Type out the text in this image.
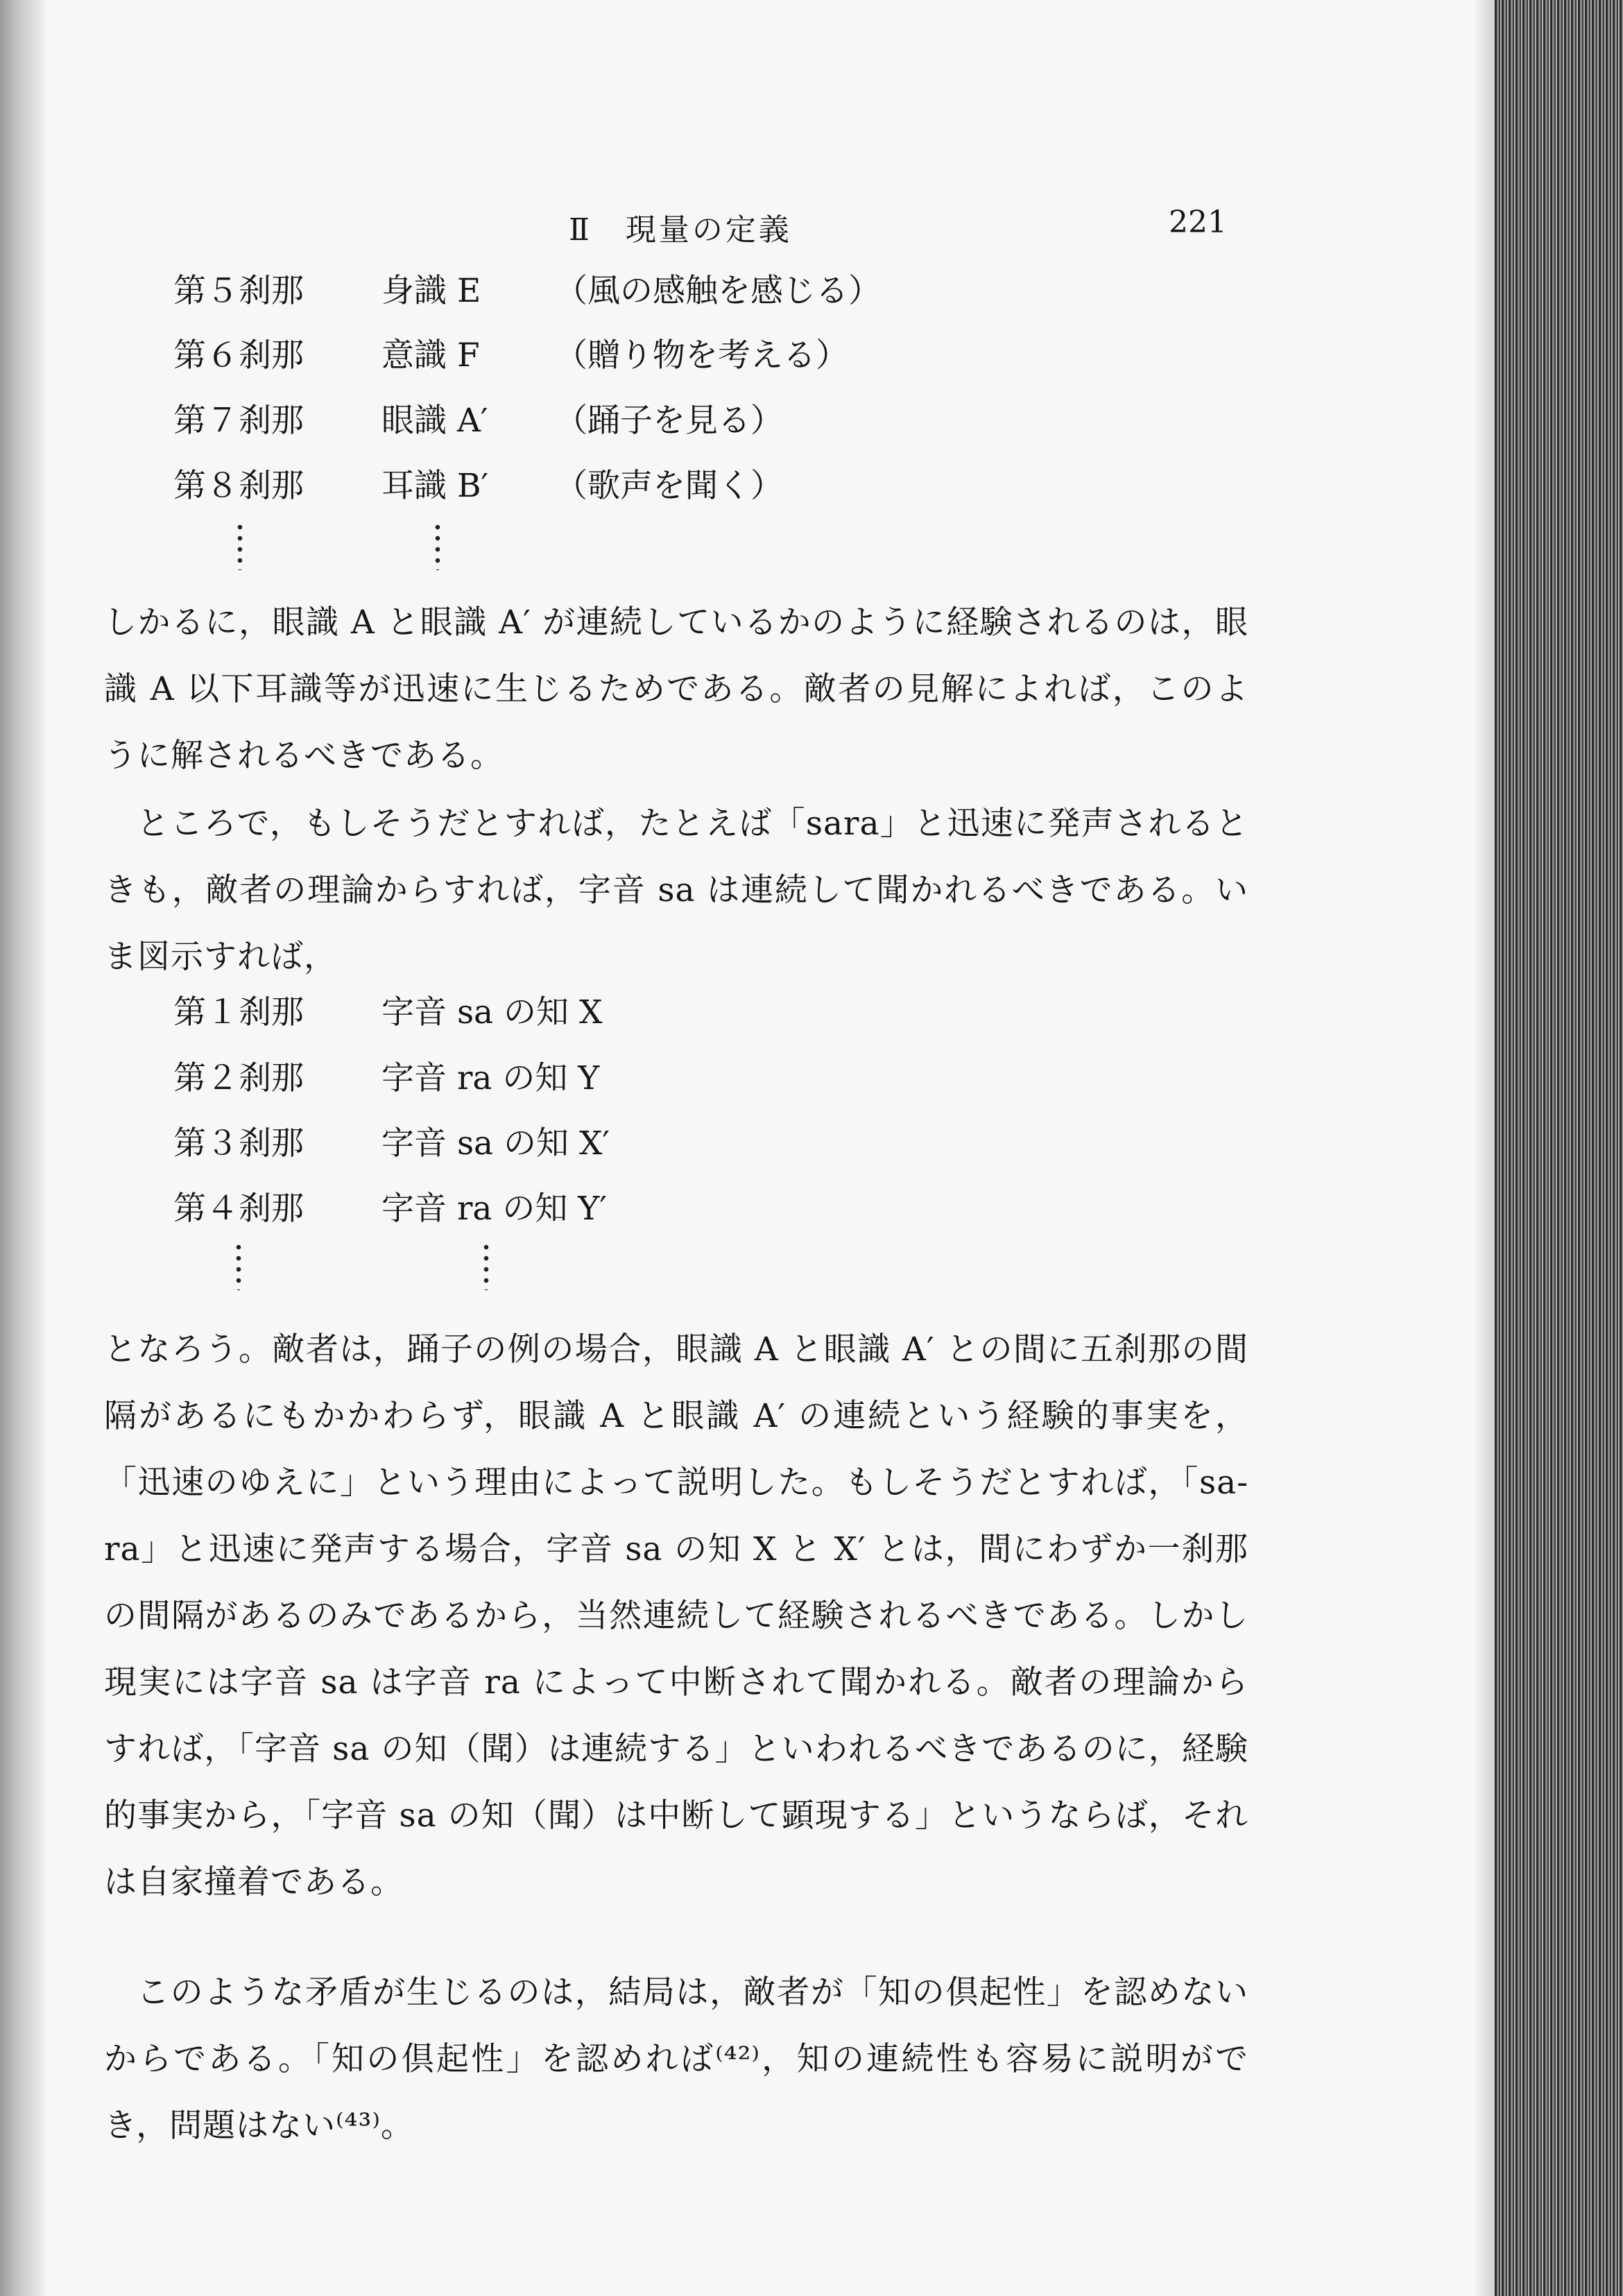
Ⅱ　現量の定義	221
第５刹那 身識 E （風の感触を感じる）
第６刹那 意識 F （贈り物を考える）
第７刹那 眼識 A′ （踊子を見る）
第８刹那 耳識 B′ （歌声を聞く）
しかるに，眼識 A と眼識 A′ が連続しているかのように経験されるのは，眼識 A 以下耳識等が迅速に生じるためである。敵者の見解によれば，このように解されるべきである。
ところで，もしそうだとすれば，たとえば「sara」と迅速に発声されるときも，敵者の理論からすれば，字音 sa は連続して聞かれるべきである。いま図示すれば，
第１刹那 字音 sa の知 X
第２刹那 字音 ra の知 Y
第３刹那 字音 sa の知 X′
第４刹那 字音 ra の知 Y′
となろう。敵者は，踊子の例の場合，眼識 A と眼識 A′ との間に五刹那の間隔があるにもかかわらず，眼識 A と眼識 A′ の連続という経験的事実を，「迅速のゆえに」という理由によって説明した。もしそうだとすれば，「sa-ra」と迅速に発声する場合，字音 sa の知 X と X′ とは，間にわずか一刹那の間隔があるのみであるから，当然連続して経験されるべきである。しかし現実には字音 sa は字音 ra によって中断されて聞かれる。敵者の理論からすれば，「字音 sa の知（聞）は連続する」といわれるべきであるのに，経験的事実から，「字音 sa の知（聞）は中断して顕現する」というならば，それは自家撞着である。
このような矛盾が生じるのは，結局は，敵者が「知の倶起性」を認めないからである。「知の倶起性」を認めれば⁽⁴²⁾，知の連続性も容易に説明ができ，問題はない⁽⁴³⁾。
